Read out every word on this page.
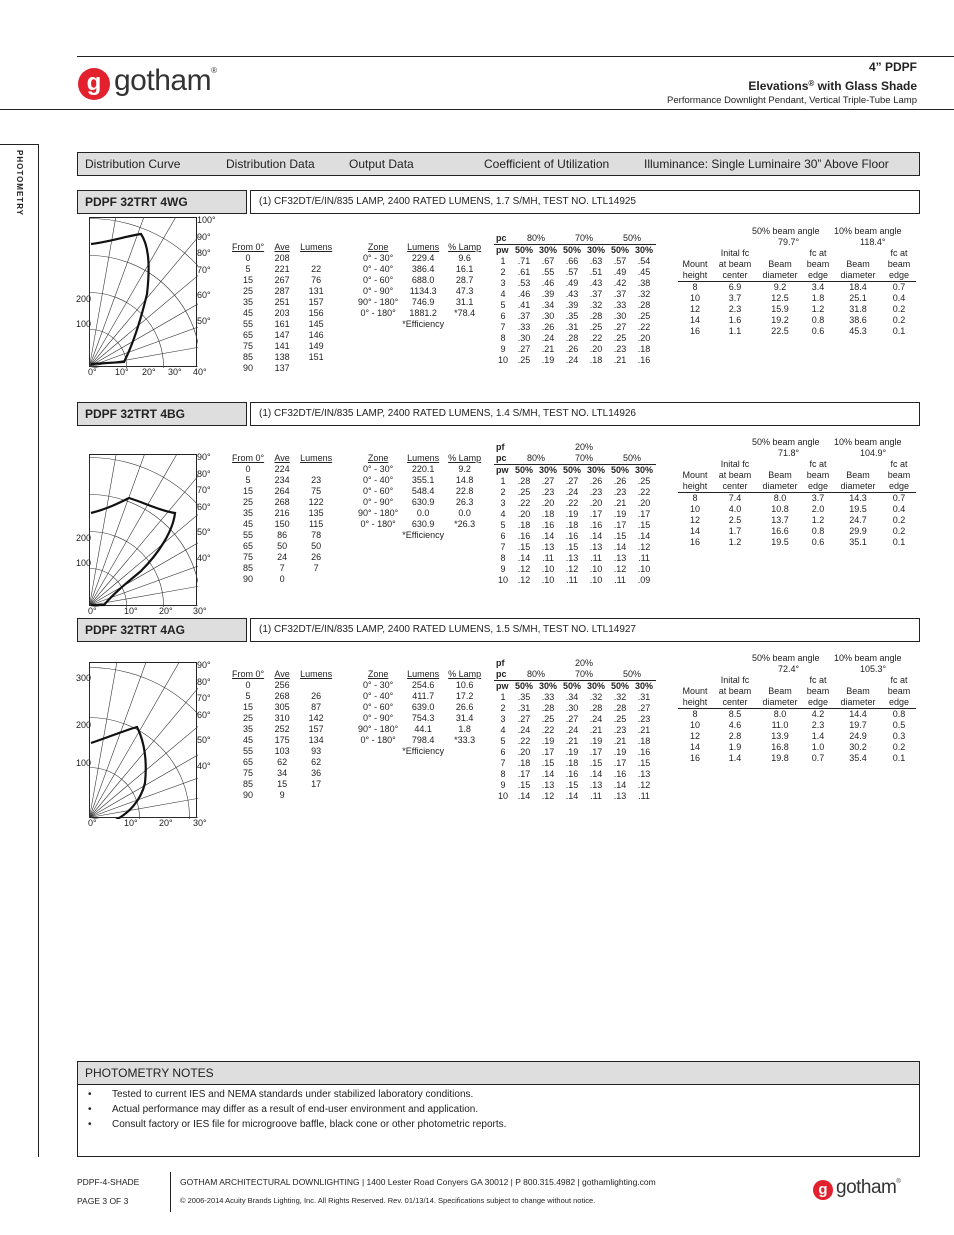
g gotham®	4” PDPF
Elevations® with Glass Shade
Performance Downlight Pendant, Vertical Triple-Tube Lamp
PHOTOMETRY	Distribution Curve	Distribution Data	Output Data	Coefficient of Utilization	Illuminance: Single Luminaire 30” Above Floor
PDPF 32TRT 4WG	(1) CF32DT/E/IN/835 LAMP, 2400 RATED LUMENS, 1.7 S/MH, TEST NO. LTL14925
100
200
0° 10° 20° 30° 40°
100°
90°
80°
70°
60°
50°
From 0°	Ave	Lumens
0	208	
5	221	22
15	267	76
25	287	131
35	251	157
45	203	156
55	161	145
65	147	146
75	141	149
85	138	151
90	137	
Zone	Lumens	% Lamp
0° - 30°	229.4	9.6
0° - 40°	386.4	16.1
0° - 60°	688.0	28.7
0° - 90°	1134.3	47.3
90° - 180°	746.9	31.1
0° - 180°	1881.2	*78.4
	*Efficiency	
pc	80%		70%		50%	
pw	50%	30%	50%	30%	50%	30%
1	.71	.67	.66	.63	.57	.54
2	.61	.55	.57	.51	.49	.45
3	.53	.46	.49	.43	.42	.38
4	.46	.39	.43	.37	.37	.32
5	.41	.34	.39	.32	.33	.28
6	.37	.30	.35	.28	.30	.25
7	.33	.26	.31	.25	.27	.22
8	.30	.24	.28	.22	.25	.20
9	.27	.21	.26	.20	.23	.18
10	.25	.19	.24	.18	.21	.16
50% beam angle
79.7°
10% beam angle
118.4°
	Inital fc		fc at		fc at
Mount	at beam	Beam	beam	Beam	beam
height	center	diameter	edge	diameter	edge
8	6.9	9.2	3.4	18.4	0.7
10	3.7	12.5	1.8	25.1	0.4
12	2.3	15.9	1.2	31.8	0.2
14	1.6	19.2	0.8	38.6	0.2
16	1.1	22.5	0.6	45.3	0.1
PDPF 32TRT 4BG	(1) CF32DT/E/IN/835 LAMP, 2400 RATED LUMENS, 1.4 S/MH, TEST NO. LTL14926
100
200
0°	10° 20° 30°
90°
80°
70°
60°
50°
40°
From 0°	Ave	Lumens
0	224	
5	234	23
15	264	75
25	268	122
35	216	135
45	150	115
55	86	78
65	50	50
75	24	26
85	7	7
90	0	
Zone	Lumens	% Lamp
0° - 30°	220.1	9.2
0° - 40°	355.1	14.8
0° - 60°	548.4	22.8
0° - 90°	630.9	26.3
90° - 180°	0.0	0.0
0° - 180°	630.9	*26.3
	*Efficiency	
pf	20%					
pc	80%		70%		50%	
pw	50%	30%	50%	30%	50%	30%
1	.28	.27	.27	.26	.26	.25
2	.25	.23	.24	.23	.23	.22
3	.22	.20	.22	.20	.21	.20
4	.20	.18	.19	.17	.19	.17
5	.18	.16	.18	.16	.17	.15
6	.16	.14	.16	.14	.15	.14
7	.15	.13	.15	.13	.14	.12
8	.14	.11	.13	.11	.13	.11
9	.12	.10	.12	.10	.12	.10
10	.12	.10	.11	.10	.11	.09
50% beam angle
71.8°
10% beam angle
104.9°
	Inital fc		fc at		fc at
Mount	at beam	Beam	beam	Beam	beam
height	center	diameter	edge	diameter	edge
8	7.4	8.0	3.7	14.3	0.7
10	4.0	10.8	2.0	19.5	0.4
12	2.5	13.7	1.2	24.7	0.2
14	1.7	16.6	0.8	29.9	0.2
16	1.2	19.5	0.6	35.1	0.1
PDPF 32TRT 4AG	(1) CF32DT/E/IN/835 LAMP, 2400 RATED LUMENS, 1.5 S/MH, TEST NO. LTL14927
100
200
300
0°	10° 20° 30°
90°
80°
70°
60°
50°
40°
From 0°	Ave	Lumens
0	256	
5	268	26
15	305	87
25	310	142
35	252	157
45	175	134
55	103	93
65	62	62
75	34	36
85	15	17
90	9	
Zone	Lumens	% Lamp
0° - 30°	254.6	10.6
0° - 40°	411.7	17.2
0° - 60°	639.0	26.6
0° - 90°	754.3	31.4
90° - 180°	44.1	1.8
0° - 180°	798.4	*33.3
	*Efficiency	
pf	20%					
pc	80%		70%		50%	
pw	50%	30%	50%	30%	50%	30%
1	.35	.33	.34	.32	.32	.31
2	.31	.28	.30	.28	.28	.27
3	.27	.25	.27	.24	.25	.23
4	.24	.22	.24	.21	.23	.21
5	.22	.19	.21	.19	.21	.18
6	.20	.17	.19	.17	.19	.16
7	.18	.15	.18	.15	.17	.15
8	.17	.14	.16	.14	.16	.13
9	.15	.13	.15	.13	.14	.12
10	.14	.12	.14	.11	.13	.11
50% beam angle
72.4°
10% beam angle
105.3°
	Inital fc		fc at		fc at
Mount	at beam	Beam	beam	Beam	beam
height	center	diameter	edge	diameter	edge
8	8.5	8.0	4.2	14.4	0.8
10	4.6	11.0	2.3	19.7	0.5
12	2.8	13.9	1.4	24.9	0.3
14	1.9	16.8	1.0	30.2	0.2
16	1.4	19.8	0.7	35.4	0.1
PHOTOMETRY NOTES
• Tested to current IES and NEMA standards under stabilized laboratory conditions.
• Actual performance may differ as a result of end-user environment and application.
• Consult factory or IES file for microgroove baffle, black cone or other photometric reports.
PDPF-4-SHADE
PAGE 3 OF 3
GOTHAM ARCHITECTURAL DOWNLIGHTING | 1400 Lester Road Conyers GA 30012 | P 800.315.4982 | gothamlighting.com
© 2006-2014 Acuity Brands Lighting, Inc. All Rights Reserved. Rev. 01/13/14. Specifications subject to change without notice.
g gotham®
